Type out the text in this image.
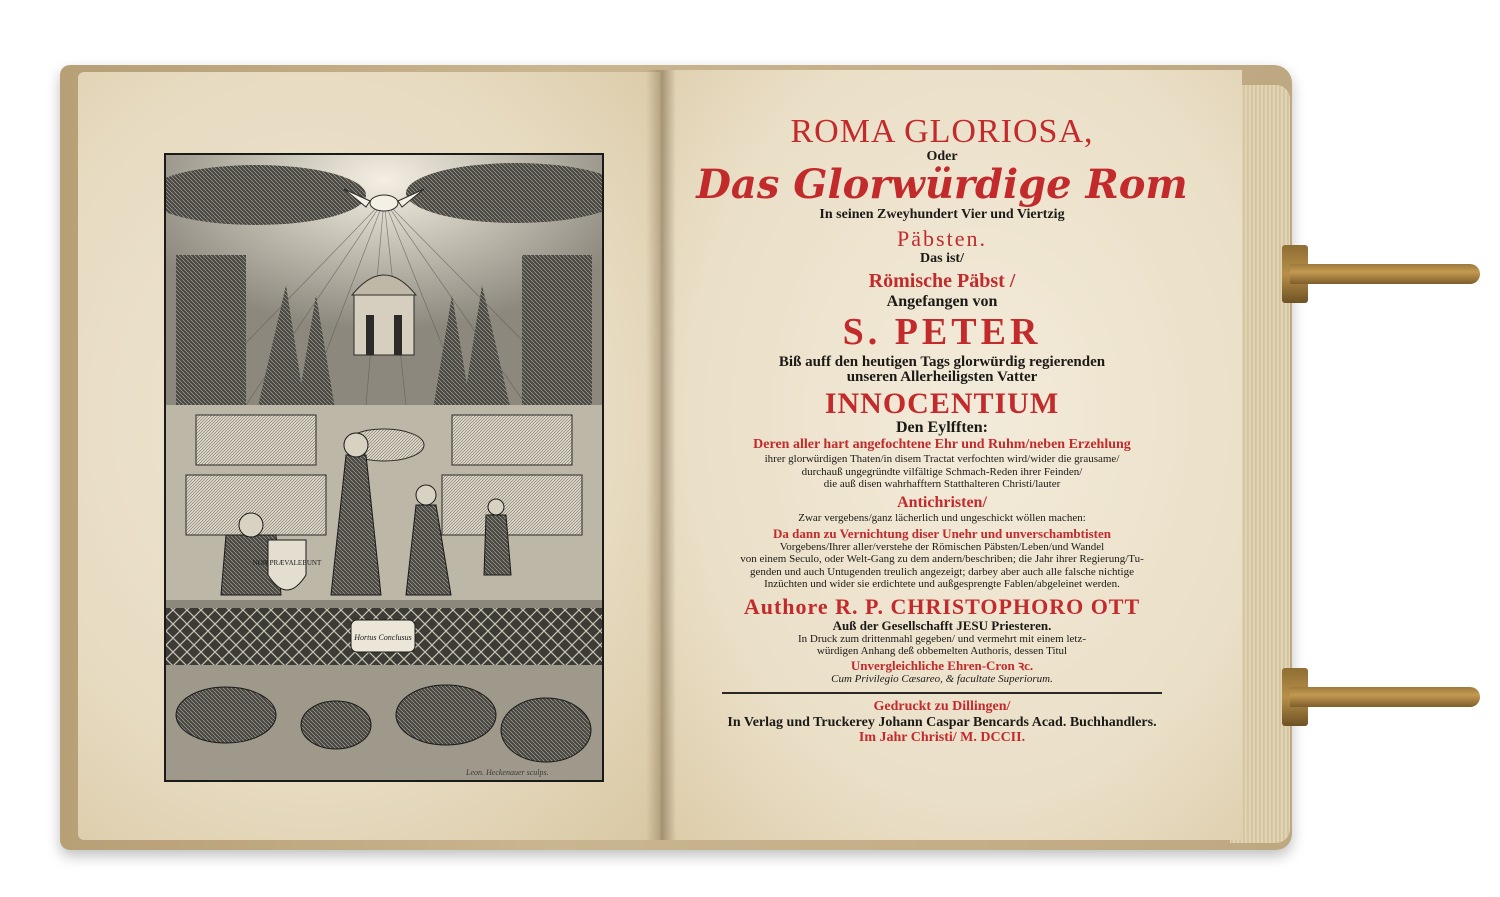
NON PRÆVALEBUNT
Hortus Conclusus
Leon. Heckenauer sculps.
ROMA GLORIOSA,
Oder
Das Glorwürdige Rom
In seinen Zweyhundert Vier und Viertzig
Päbsten.
Das ist/
Römische Päbst /
Angefangen von
S. PETER
Biß auff den heutigen Tags glorwürdig regierenden
unseren Allerheiligsten Vatter
INNOCENTIUM
Den Eylfften:
Deren aller hart angefochtene Ehr und Ruhm/neben Erzehlung
ihrer glorwürdigen Thaten/in disem Tractat verfochten wird/wider die grausame/
durchauß ungegründte vilfältige Schmach-Reden ihrer Feinden/
die auß disen wahrhafftern Statthalteren Christi/lauter
Antichristen/
Zwar vergebens/ganz lächerlich und ungeschickt wöllen machen:
Da dann zu Vernichtung diser Unehr und unverschambtisten
Vorgebens/Ihrer aller/verstehe der Römischen Päbsten/Leben/und Wandel
von einem Seculo, oder Welt-Gang zu dem andern/beschriben; die Jahr ihrer Regierung/Tu-
genden und auch Untugenden treulich angezeigt; darbey aber auch alle falsche nichtige
Inzüchten und wider sie erdichtete und außgesprengte Fablen/abgeleinet werden.
Authore R. P. CHRISTOPHORO OTT
Auß der Gesellschafft JESU Priesteren.
In Druck zum drittenmahl gegeben/ und vermehrt mit einem letz-
würdigen Anhang deß obbemelten Authoris, dessen Titul
Unvergleichliche Ehren-Cron ꝛc.
Cum Privilegio Cæsareo, & facultate Superiorum.
Gedruckt zu Dillingen/
In Verlag und Truckerey Johann Caspar Bencards Acad. Buchhandlers.
Im Jahr Christi/ M. DCCII.
